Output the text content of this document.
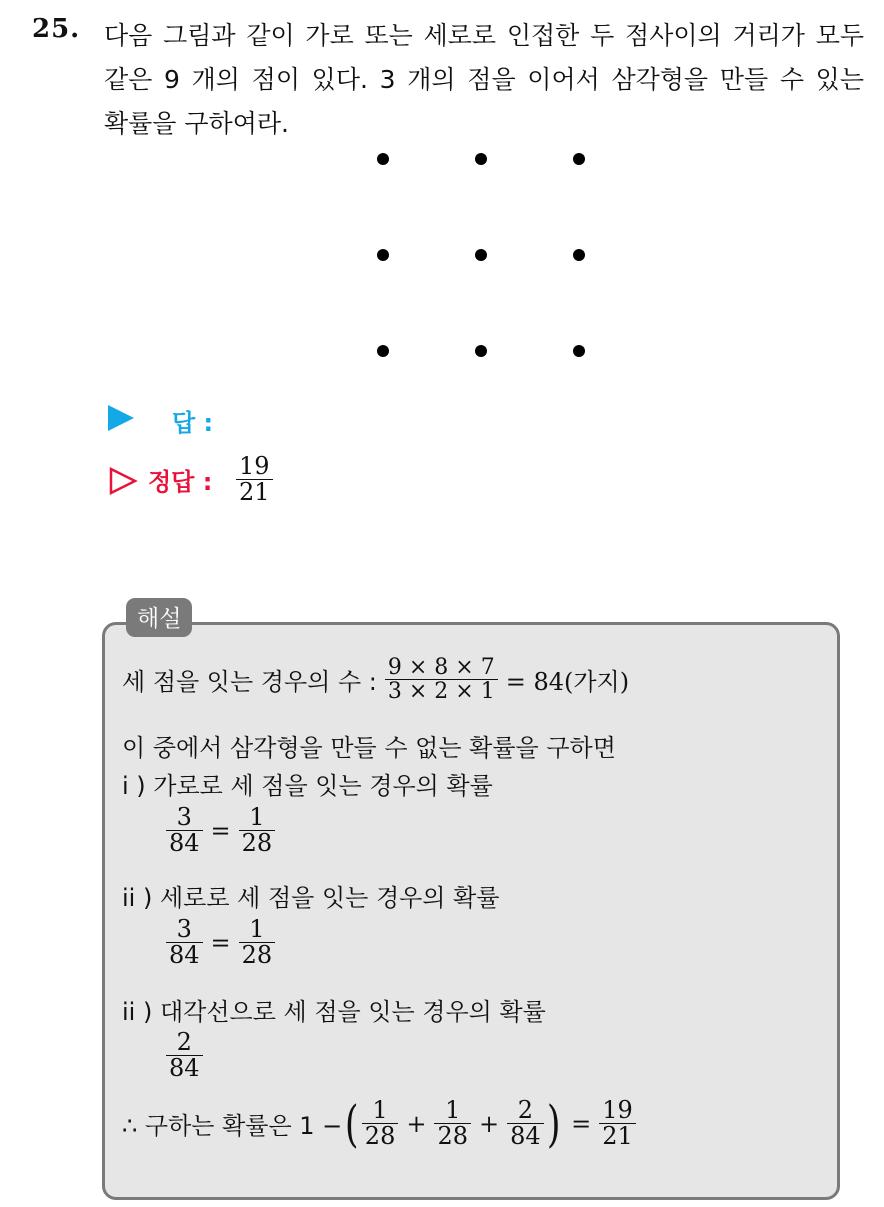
25. 다음 그림과 같이 가로 또는 세로로 인접한 두 점사이의 거리가 모두
같은 9 개의 점이 있다. 3 개의 점을 이어서 삼각형을 만들 수 있는
확률을 구하여라.
답 :
정답 : $\frac{19}{21}$
해설
세 점을 잇는 경우의 수 : $\frac{9 \times 8 \times 7}{3 \times 2 \times 1} = 84$(가지)
이 중에서 삼각형을 만들 수 없는 확률을 구하면
i ) 가로로 세 점을 잇는 경우의 확률
$\frac{3}{84} = \frac{1}{28}$
ii ) 세로로 세 점을 잇는 경우의 확률
$\frac{3}{84} = \frac{1}{28}$
ii ) 대각선으로 세 점을 잇는 경우의 확률
$\frac{2}{84}$
∴ 구하는 확률은 1 − ( $\frac{1}{28} + \frac{1}{28} + \frac{2}{84}$ ) = $\frac{19}{21}$
